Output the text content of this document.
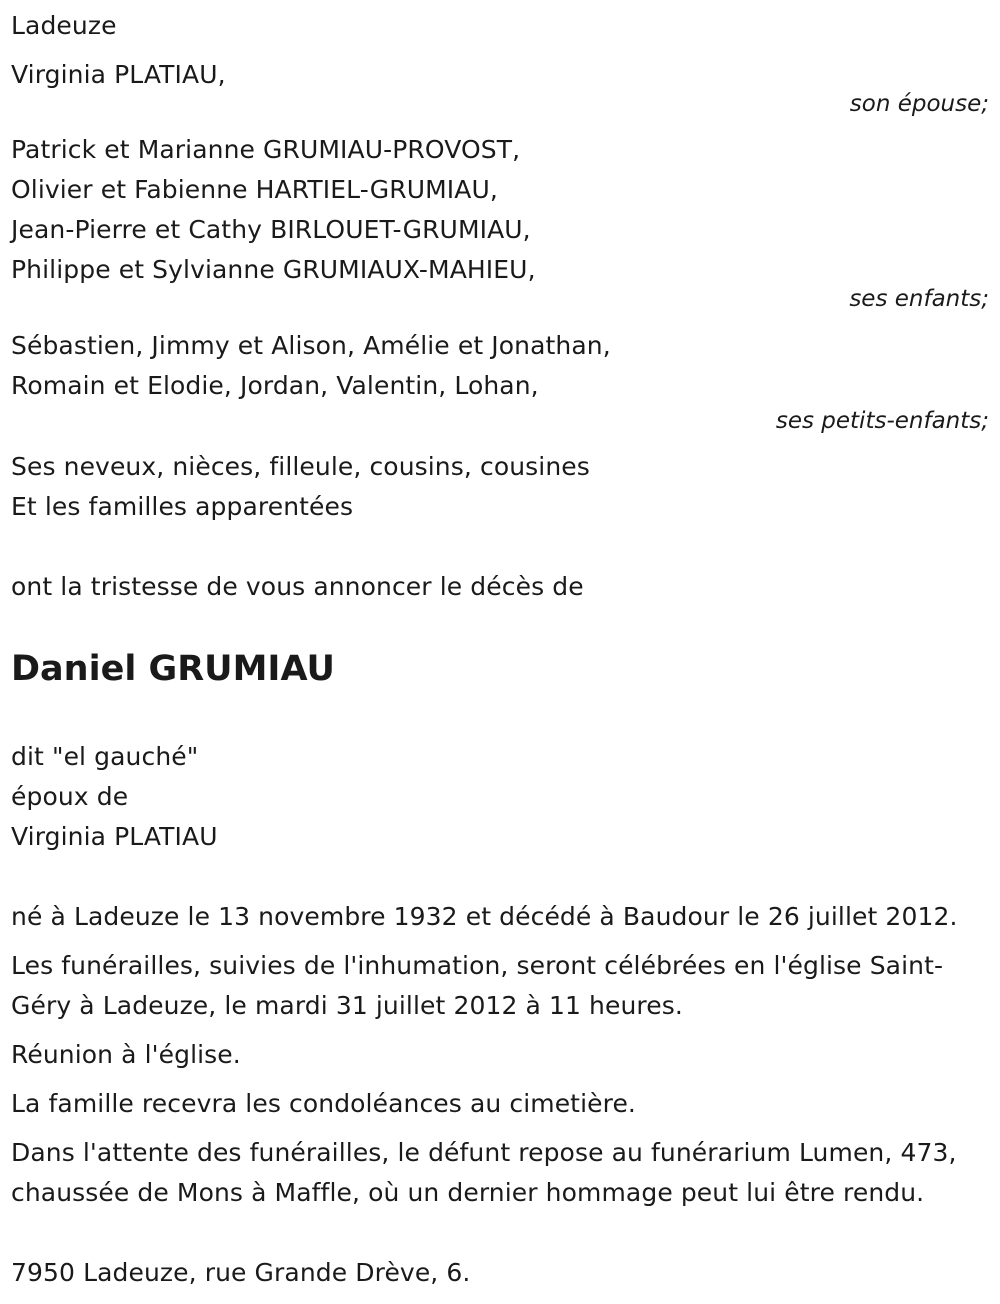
Ladeuze
Virginia PLATIAU,
son épouse;
Patrick et Marianne GRUMIAU-PROVOST,
Olivier et Fabienne HARTIEL-GRUMIAU,
Jean-Pierre et Cathy BIRLOUET-GRUMIAU,
Philippe et Sylvianne GRUMIAUX-MAHIEU,
ses enfants;
Sébastien, Jimmy et Alison, Amélie et Jonathan,
Romain et Elodie, Jordan, Valentin, Lohan,
ses petits-enfants;
Ses neveux, nièces, filleule, cousins, cousines
Et les familles apparentées
ont la tristesse de vous annoncer le décès de
Daniel GRUMIAU
dit "el gauché"
époux de
Virginia PLATIAU
né à Ladeuze le 13 novembre 1932 et décédé à Baudour le 26 juillet 2012.
Les funérailles, suivies de l'inhumation, seront célébrées en l'église Saint-Géry à Ladeuze, le mardi 31 juillet 2012 à 11 heures.
Réunion à l'église.
La famille recevra les condoléances au cimetière.
Dans l'attente des funérailles, le défunt repose au funérarium Lumen, 473, chaussée de Mons à Maffle, où un dernier hommage peut lui être rendu.
7950 Ladeuze, rue Grande Drève, 6.
